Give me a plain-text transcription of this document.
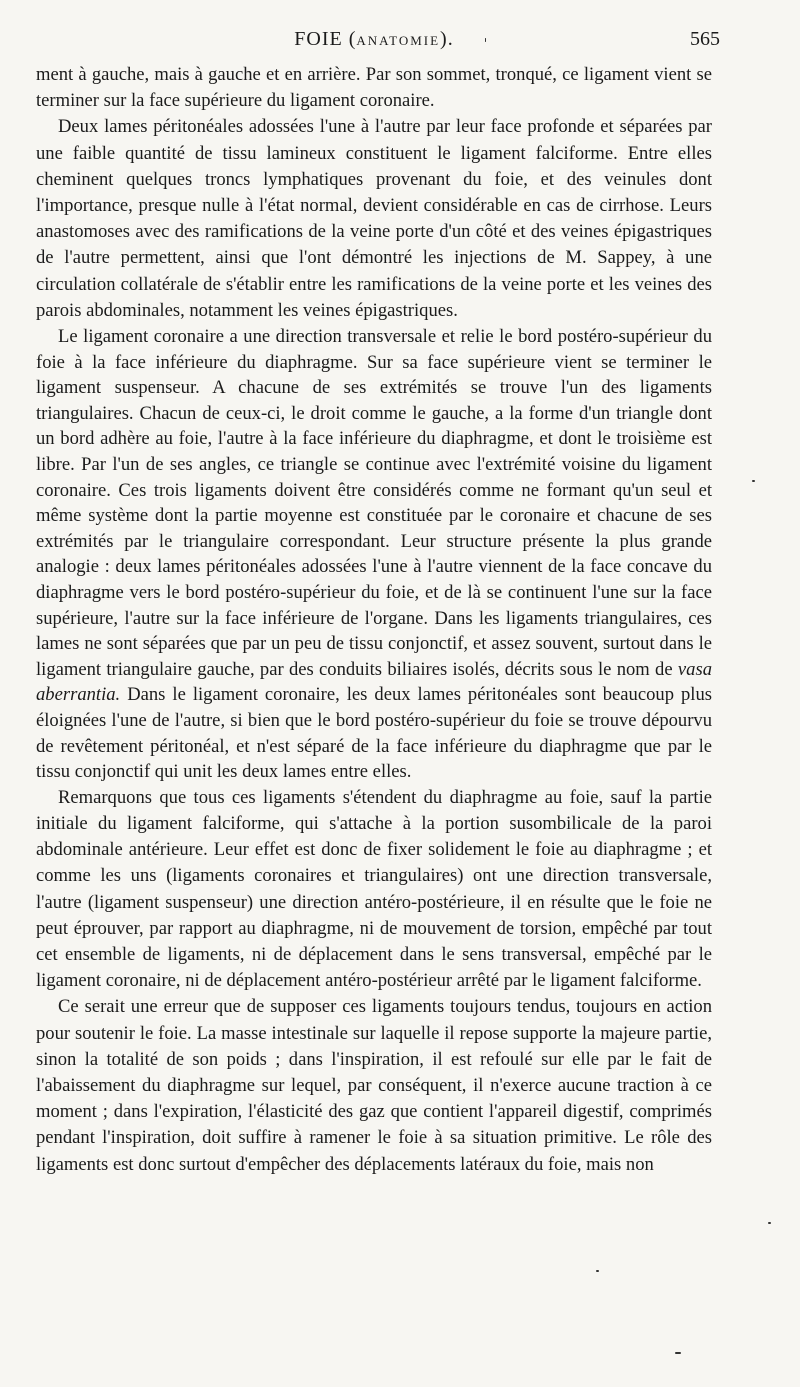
FOIE (ANATOMIE).	565

ment à gauche, mais à gauche et en arrière. Par son sommet, tronqué, ce ligament vient se terminer sur la face supérieure du ligament coronaire.

Deux lames péritonéales adossées l'une à l'autre par leur face profonde et séparées par une faible quantité de tissu lamineux constituent le ligament falciforme. Entre elles cheminent quelques troncs lymphatiques provenant du foie, et des veinules dont l'importance, presque nulle à l'état normal, devient considérable en cas de cirrhose. Leurs anastomoses avec des ramifications de la veine porte d'un côté et des veines épigastriques de l'autre permettent, ainsi que l'ont démontré les injections de M. Sappey, à une circulation collatérale de s'établir entre les ramifications de la veine porte et les veines des parois abdominales, notamment les veines épigastriques.

Le ligament coronaire a une direction transversale et relie le bord postéro-supérieur du foie à la face inférieure du diaphragme. Sur sa face supérieure vient se terminer le ligament suspenseur. A chacune de ses extrémités se trouve l'un des ligaments triangulaires. Chacun de ceux-ci, le droit comme le gauche, a la forme d'un triangle dont un bord adhère au foie, l'autre à la face inférieure du diaphragme, et dont le troisième est libre. Par l'un de ses angles, ce triangle se continue avec l'extrémité voisine du ligament coronaire. Ces trois ligaments doivent être considérés comme ne formant qu'un seul et même système dont la partie moyenne est constituée par le coronaire et chacune de ses extrémités par le triangulaire correspondant. Leur structure présente la plus grande analogie : deux lames péritonéales adossées l'une à l'autre viennent de la face concave du diaphragme vers le bord postéro-supérieur du foie, et de là se continuent l'une sur la face supérieure, l'autre sur la face inférieure de l'organe. Dans les ligaments triangulaires, ces lames ne sont séparées que par un peu de tissu conjonctif, et assez souvent, surtout dans le ligament triangulaire gauche, par des conduits biliaires isolés, décrits sous le nom de vasa aberrantia. Dans le ligament coronaire, les deux lames péritonéales sont beaucoup plus éloignées l'une de l'autre, si bien que le bord postéro-supérieur du foie se trouve dépourvu de revêtement péritonéal, et n'est séparé de la face inférieure du diaphragme que par le tissu conjonctif qui unit les deux lames entre elles.

Remarquons que tous ces ligaments s'étendent du diaphragme au foie, sauf la partie initiale du ligament falciforme, qui s'attache à la portion susombilicale de la paroi abdominale antérieure. Leur effet est donc de fixer solidement le foie au diaphragme ; et comme les uns (ligaments coronaires et triangulaires) ont une direction transversale, l'autre (ligament suspenseur) une direction antéro-postérieure, il en résulte que le foie ne peut éprouver, par rapport au diaphragme, ni de mouvement de torsion, empêché par tout cet ensemble de ligaments, ni de déplacement dans le sens transversal, empêché par le ligament coronaire, ni de déplacement antéro-postérieur arrêté par le ligament falciforme.

Ce serait une erreur que de supposer ces ligaments toujours tendus, toujours en action pour soutenir le foie. La masse intestinale sur laquelle il repose supporte la majeure partie, sinon la totalité de son poids ; dans l'inspiration, il est refoulé sur elle par le fait de l'abaissement du diaphragme sur lequel, par conséquent, il n'exerce aucune traction à ce moment ; dans l'expiration, l'élasticité des gaz que contient l'appareil digestif, comprimés pendant l'inspiration, doit suffire à ramener le foie à sa situation primitive. Le rôle des ligaments est donc surtout d'empêcher des déplacements latéraux du foie, mais non
